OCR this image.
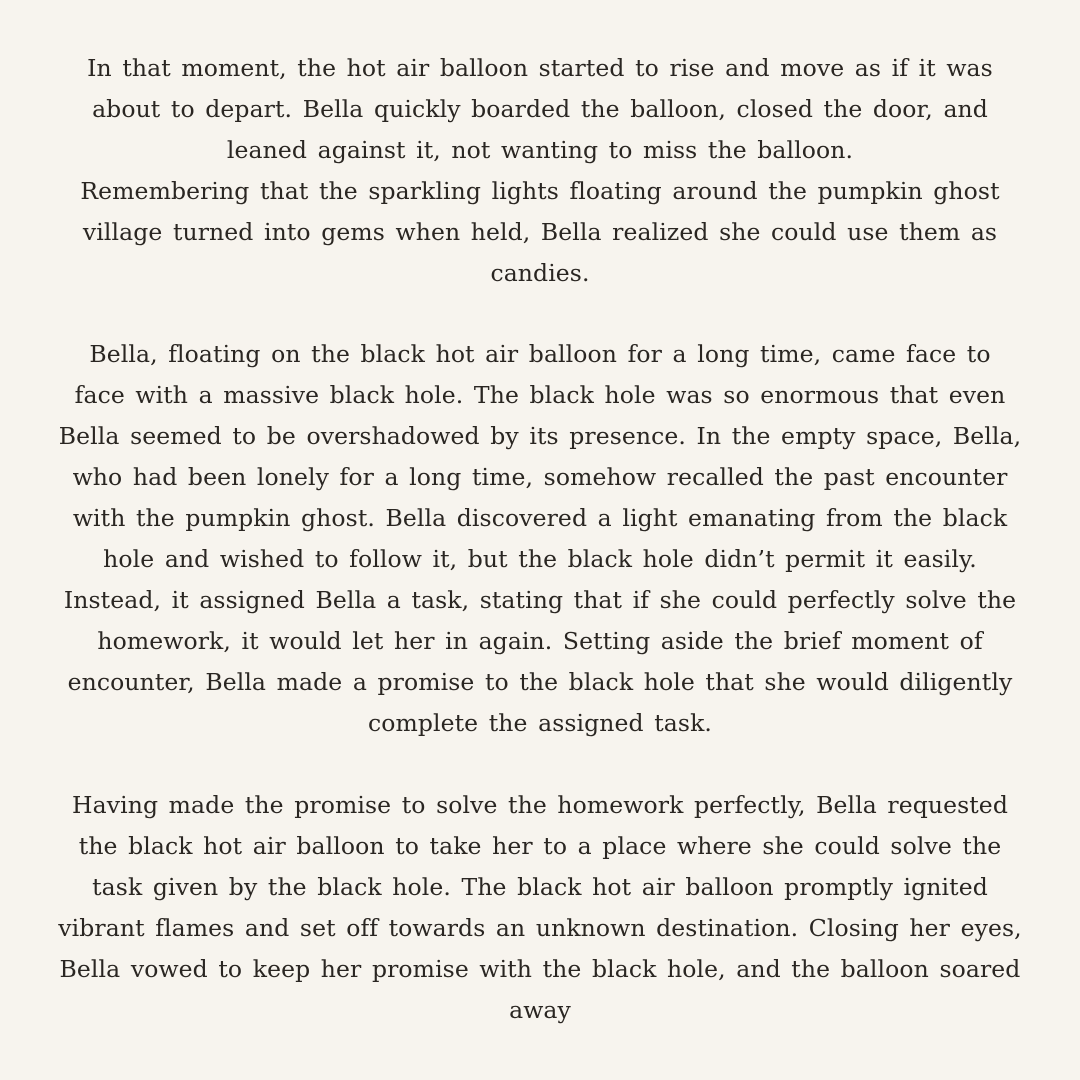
In that moment, the hot air balloon started to rise and move as if it was
about to depart. Bella quickly boarded the balloon, closed the door, and
leaned against it, not wanting to miss the balloon.
Remembering that the sparkling lights floating around the pumpkin ghost
village turned into gems when held, Bella realized she could use them as
candies.
Bella, floating on the black hot air balloon for a long time, came face to
face with a massive black hole. The black hole was so enormous that even
Bella seemed to be overshadowed by its presence. In the empty space, Bella,
who had been lonely for a long time, somehow recalled the past encounter
with the pumpkin ghost. Bella discovered a light emanating from the black
hole and wished to follow it, but the black hole didn’t permit it easily.
Instead, it assigned Bella a task, stating that if she could perfectly solve the
homework, it would let her in again. Setting aside the brief moment of
encounter, Bella made a promise to the black hole that she would diligently
complete the assigned task.
Having made the promise to solve the homework perfectly, Bella requested
the black hot air balloon to take her to a place where she could solve the
task given by the black hole. The black hot air balloon promptly ignited
vibrant flames and set off towards an unknown destination. Closing her eyes,
Bella vowed to keep her promise with the black hole, and the balloon soared
away
